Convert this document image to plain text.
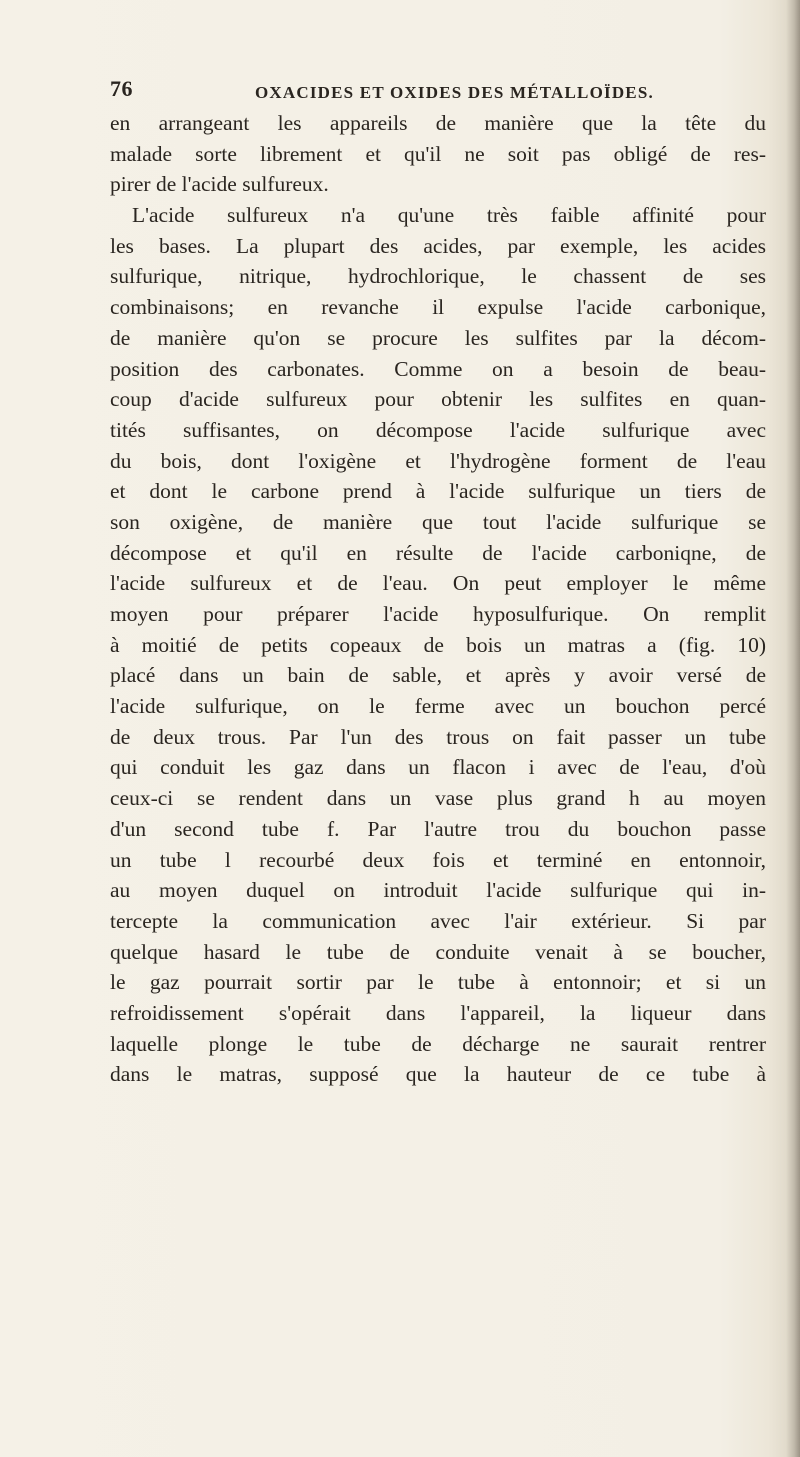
76	OXACIDES ET OXIDES DES MÉTALLOÏDES.
en arrangeant les appareils de manière que la tête du
malade sorte librement et qu'il ne soit pas obligé de res-
pirer de l'acide sulfureux.
L'acide sulfureux n'a qu'une très faible affinité pour
les bases. La plupart des acides, par exemple, les acides
sulfurique, nitrique, hydrochlorique, le chassent de ses
combinaisons; en revanche il expulse l'acide carbonique,
de manière qu'on se procure les sulfites par la décom-
position des carbonates. Comme on a besoin de beau-
coup d'acide sulfureux pour obtenir les sulfites en quan-
tités suffisantes, on décompose l'acide sulfurique avec
du bois, dont l'oxigène et l'hydrogène forment de l'eau
et dont le carbone prend à l'acide sulfurique un tiers de
son oxigène, de manière que tout l'acide sulfurique se
décompose et qu'il en résulte de l'acide carboniqne, de
l'acide sulfureux et de l'eau. On peut employer le même
moyen pour préparer l'acide hyposulfurique. On remplit
à moitié de petits copeaux de bois un matras a (fig. 10)
placé dans un bain de sable, et après y avoir versé de
l'acide sulfurique, on le ferme avec un bouchon percé
de deux trous. Par l'un des trous on fait passer un tube
qui conduit les gaz dans un flacon i avec de l'eau, d'où
ceux-ci se rendent dans un vase plus grand h au moyen
d'un second tube f. Par l'autre trou du bouchon passe
un tube l recourbé deux fois et terminé en entonnoir,
au moyen duquel on introduit l'acide sulfurique qui in-
tercepte la communication avec l'air extérieur. Si par
quelque hasard le tube de conduite venait à se boucher,
le gaz pourrait sortir par le tube à entonnoir; et si un
refroidissement s'opérait dans l'appareil, la liqueur dans
laquelle plonge le tube de décharge ne saurait rentrer
dans le matras, supposé que la hauteur de ce tube à
